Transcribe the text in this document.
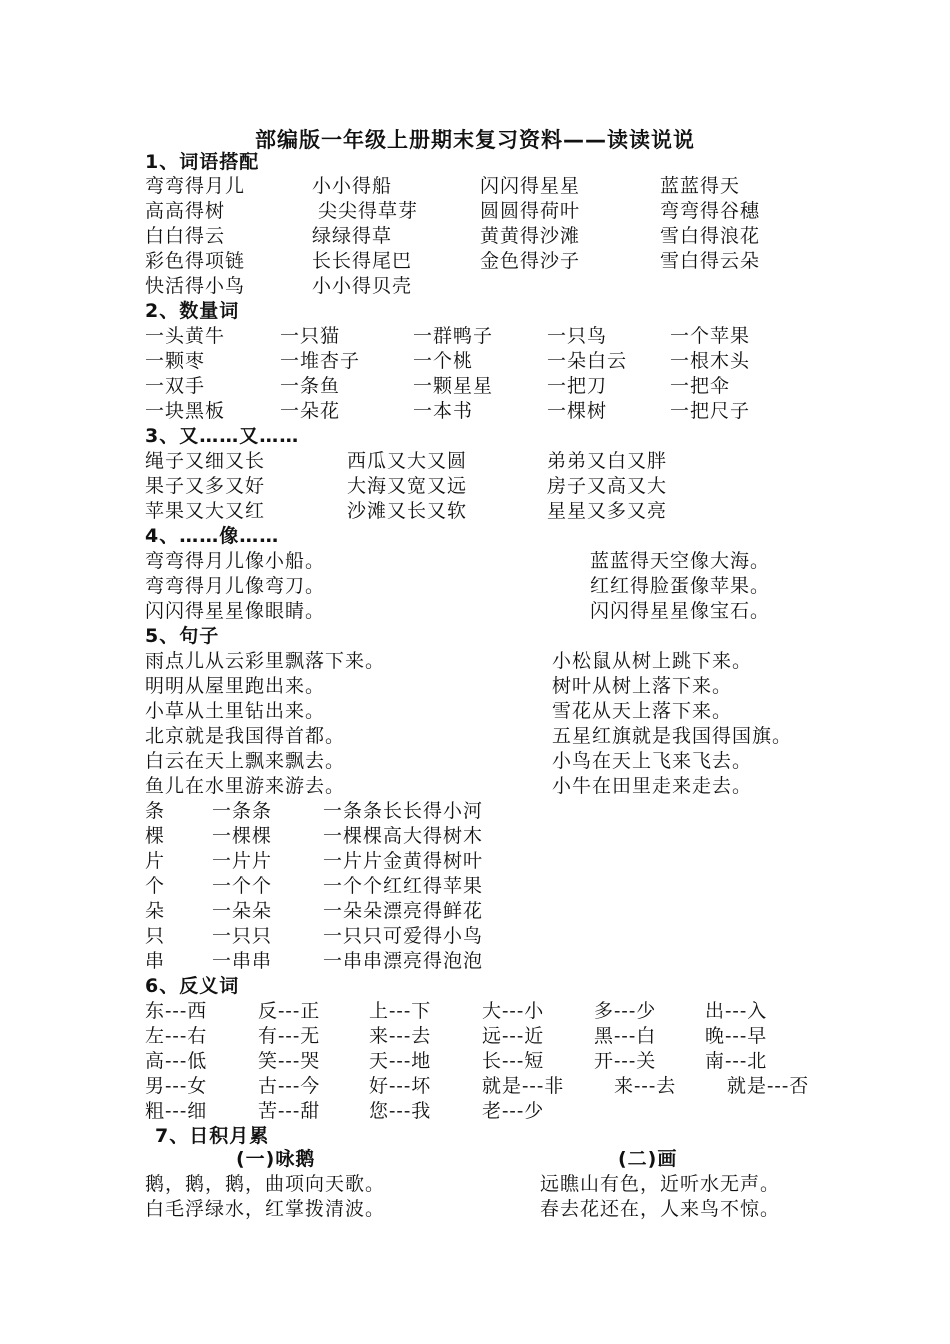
部编版一年级上册期末复习资料——读读说说
1、词语搭配
弯弯得月儿	小小得船	闪闪得星星	蓝蓝得天
高高得树	尖尖得草芽	圆圆得荷叶	弯弯得谷穗
白白得云	绿绿得草	黄黄得沙滩	雪白得浪花
彩色得项链	长长得尾巴	金色得沙子	雪白得云朵
快活得小鸟	小小得贝壳
2、数量词
一头黄牛	一只猫	一群鸭子	一只鸟	一个苹果
一颗枣	一堆杏子	一个桃	一朵白云 一根木头
一双手	一条鱼	一颗星星	一把刀	一把伞
一块黑板	一朵花	一本书	一棵树	一把尺子
3、又……又……
绳子又细又长	西瓜又大又圆	弟弟又白又胖
果子又多又好	大海又宽又远	房子又高又大
苹果又大又红	沙滩又长又软	星星又多又亮
4、……像……
弯弯得月儿像小船。	蓝蓝得天空像大海。
弯弯得月儿像弯刀。	红红得脸蛋像苹果。
闪闪得星星像眼睛。	闪闪得星星像宝石。
5、句子
雨点儿从云彩里飘落下来。	小松鼠从树上跳下来。
明明从屋里跑出来。	树叶从树上落下来。
小草从土里钻出来。	雪花从天上落下来。
北京就是我国得首都。	五星红旗就是我国得国旗。
白云在天上飘来飘去。	小鸟在天上飞来飞去。
鱼儿在水里游来游去。	小牛在田里走来走去。
条 一条条	一条条长长得小河
棵 一棵棵	一棵棵高大得树木
片 一片片	一片片金黄得树叶
个 一个个	一个个红红得苹果
朵 一朵朵	一朵朵漂亮得鲜花
只 一只只	一只只可爱得小鸟
串 一串串	一串串漂亮得泡泡
6、反义词
东---西	反---正	上---下	大---小	多---少	出---入
左---右	有---无	来---去	远---近	黑---白	晚---早
高---低	笑---哭	天---地	长---短	开---关	南---北
男---女	古---今	好---坏	就是---非	来---去	就是---否
粗---细	苦---甜	您---我	老---少
7、日积月累
(一)咏鹅	(二)画
鹅，鹅，鹅，曲项向天歌。	远瞧山有色，近听水无声。
白毛浮绿水，红掌拨清波。	春去花还在，人来鸟不惊。
